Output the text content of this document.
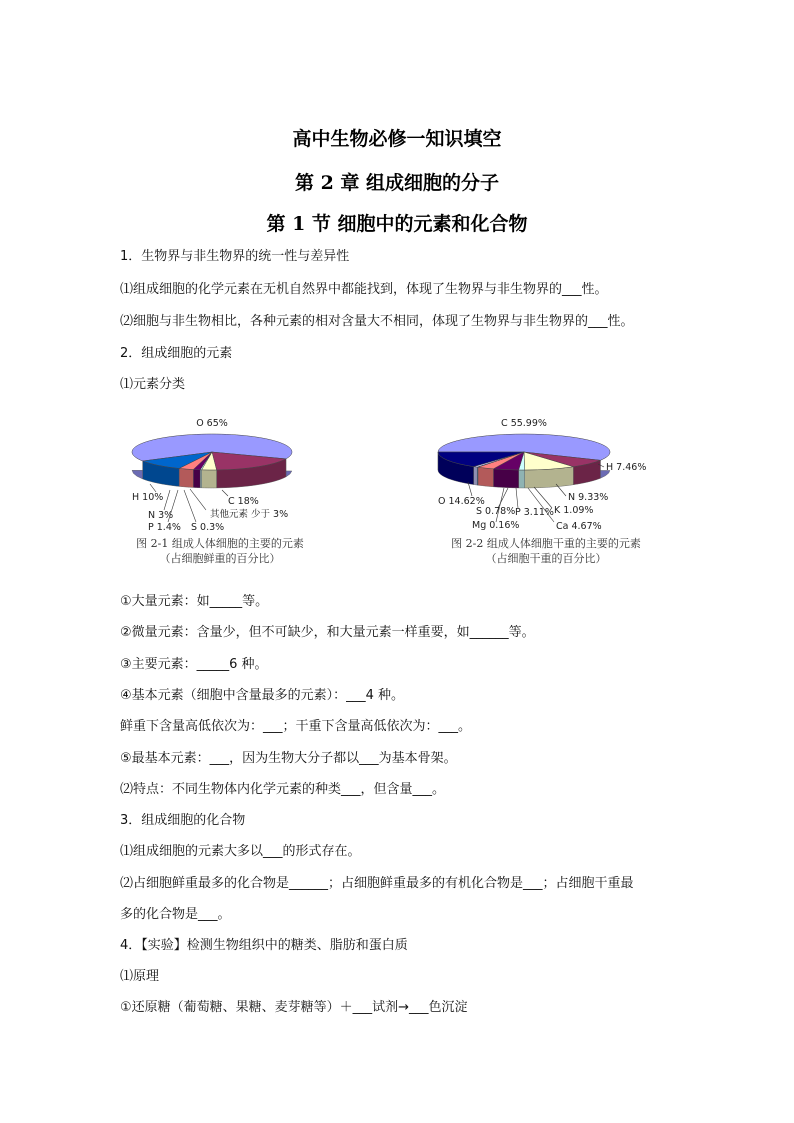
高中生物必修一知识填空
第 2 章 组成细胞的分子
第 1 节 细胞中的元素和化合物
1．生物界与非生物界的统一性与差异性
⑴组成细胞的化学元素在无机自然界中都能找到，体现了生物界与非生物界的___性。
⑵细胞与非生物相比，各种元素的相对含量大不相同，体现了生物界与非生物界的___性。
2．组成细胞的元素
⑴元素分类
O 65%
C 18%
其他元素 少于 3%
S 0.3%
P 1.4%
N 3%
H 10%
图 2-1 组成人体细胞的主要的元素
（占细胞鲜重的百分比）
C 55.99%
H 7.46%
N 9.33%
K 1.09%
Ca 4.67%
P 3.11%
Mg 0.16%
S 0.78%
O 14.62%
图 2-2 组成人体细胞干重的主要的元素
（占细胞干重的百分比）
①大量元素：如_____等。
②微量元素：含量少，但不可缺少，和大量元素一样重要，如______等。
③主要元素：_____6 种。
④基本元素（细胞中含量最多的元素）：___4 种。
鲜重下含量高低依次为：___；干重下含量高低依次为：___。
⑤最基本元素：___，因为生物大分子都以___为基本骨架。
⑵特点：不同生物体内化学元素的种类___，但含量___。
3．组成细胞的化合物
⑴组成细胞的元素大多以___的形式存在。
⑵占细胞鲜重最多的化合物是______；占细胞鲜重最多的有机化合物是___；占细胞干重最
多的化合物是___。
4．【实验】检测生物组织中的糖类、脂肪和蛋白质
⑴原理
①还原糖（葡萄糖、果糖、麦芽糖等）＋___试剂→___色沉淀
